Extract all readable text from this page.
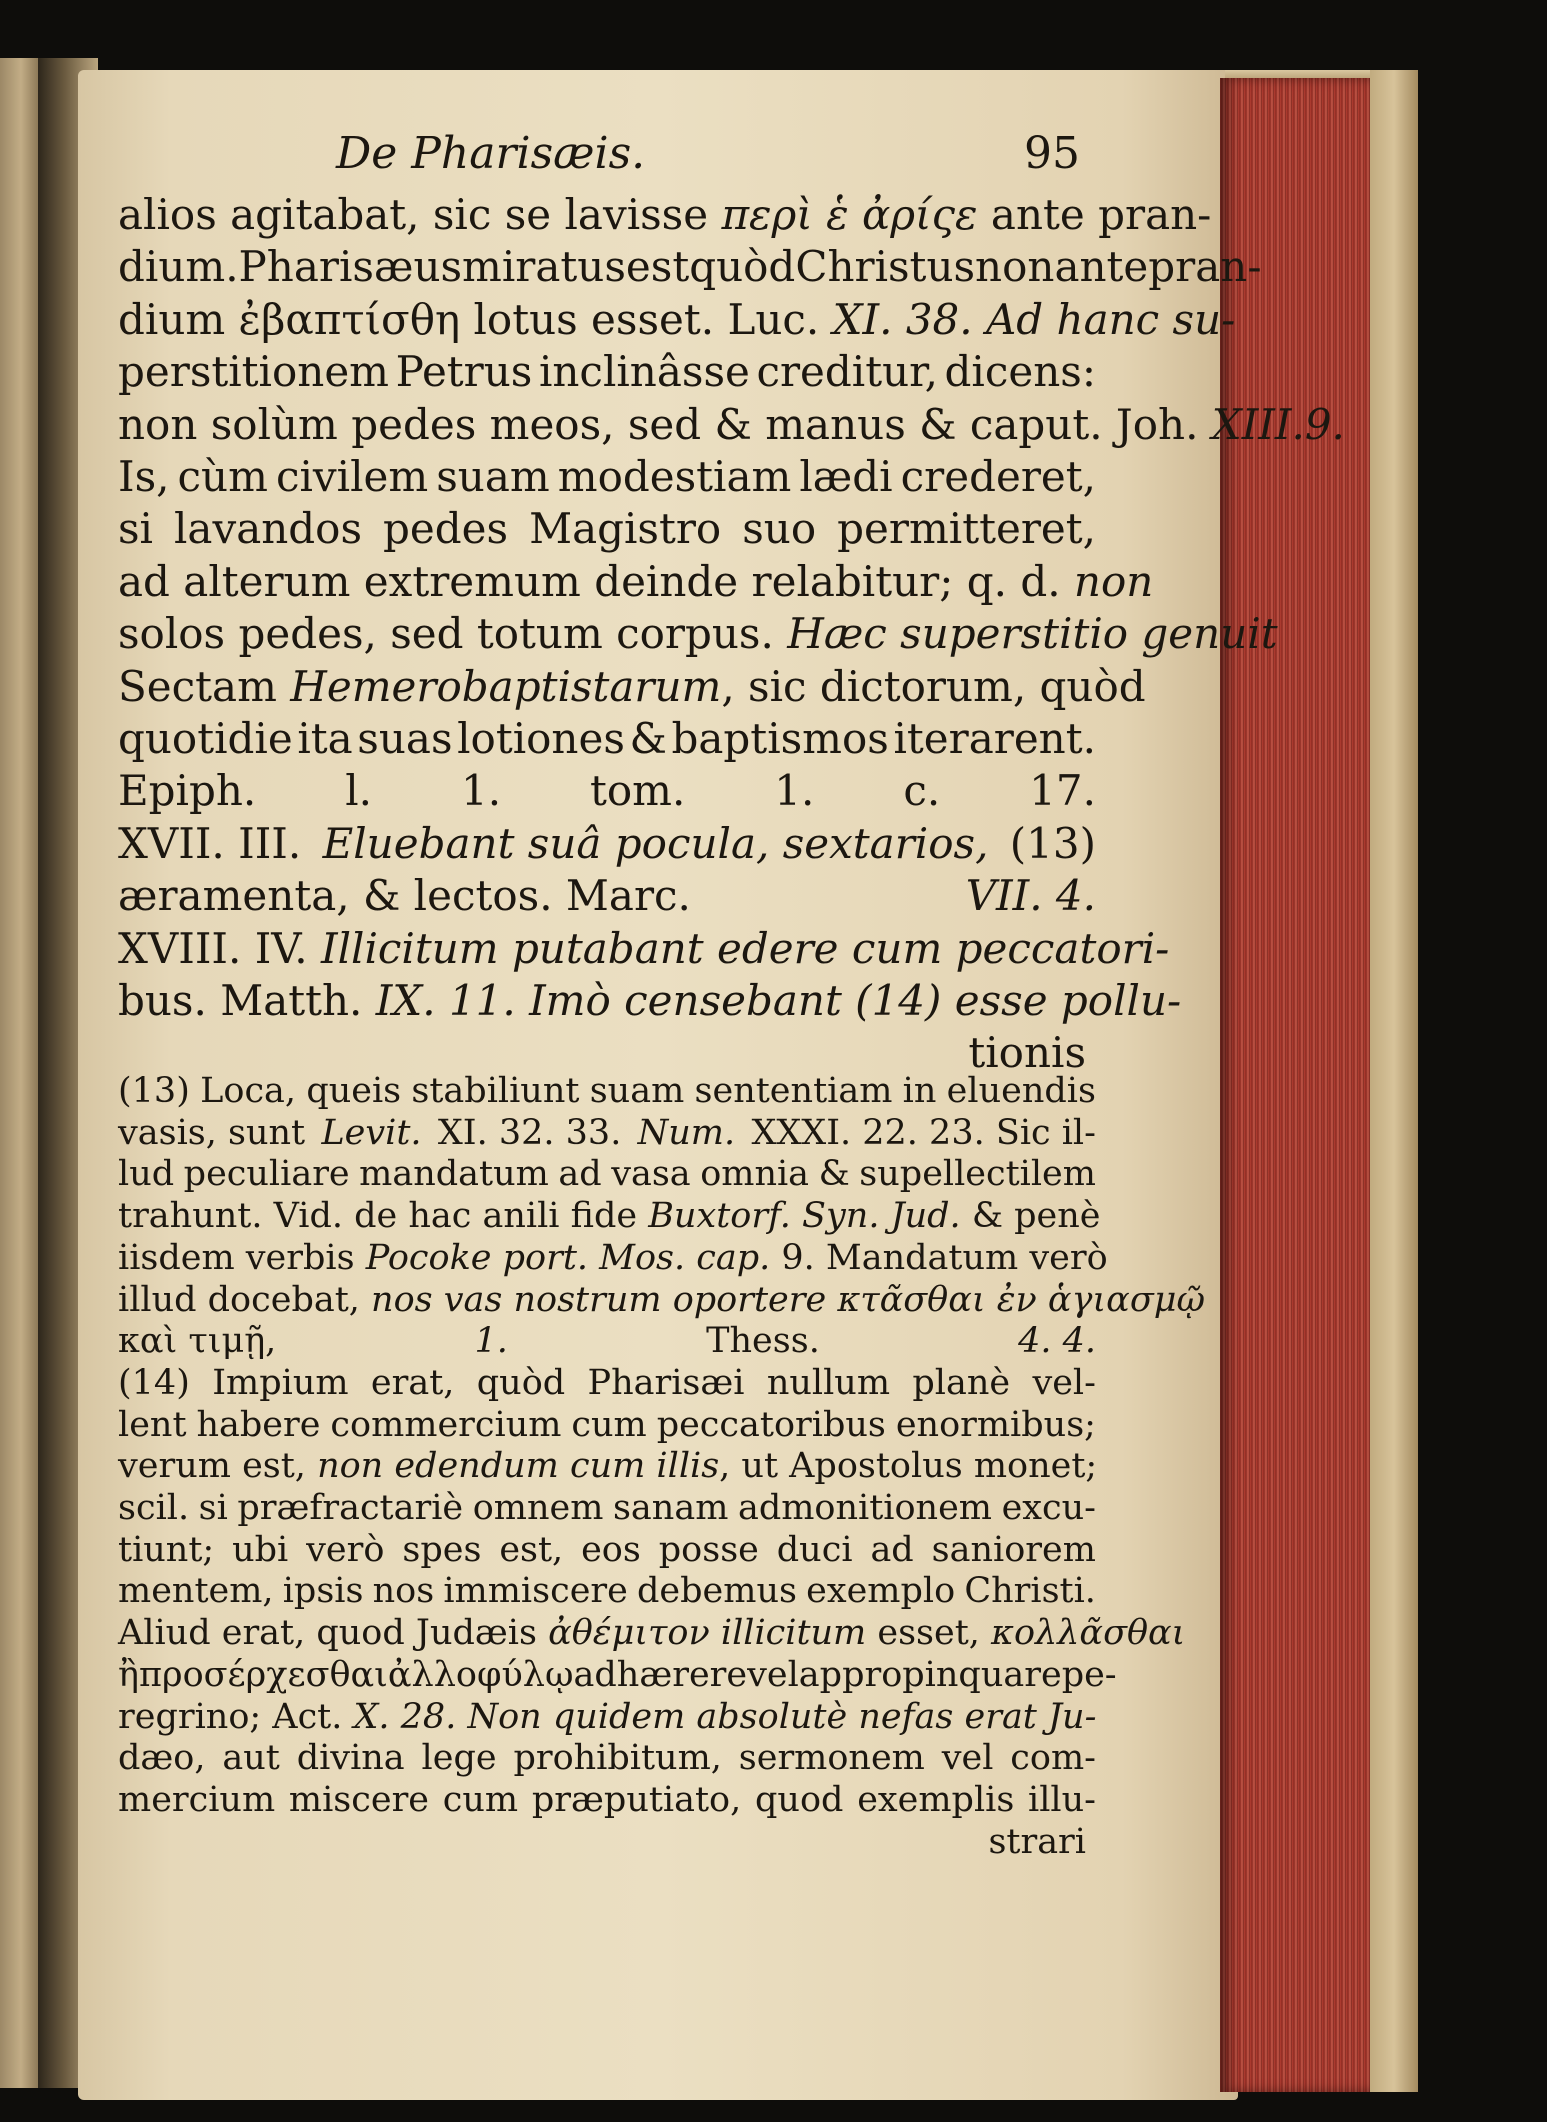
De Pharisæis.	95
alios agitabat, sic se lavisse περὶ ἑ ἀρίςε ante pran-
dium. Pharisæus miratus est quòd Christus non ante pran-
dium ἐβαπτίσθη lotus esset. Luc. XI. 38. Ad hanc su-
perstitionem Petrus inclinâsse creditur, dicens:
non solùm pedes meos, sed & manus & caput. Joh. XIII.9.
Is, cùm civilem suam modestiam lædi crederet,
si lavandos pedes Magistro suo permitteret,
ad alterum extremum deinde relabitur; q. d. non
solos pedes, sed totum corpus. Hæc superstitio genuit
Sectam Hemerobaptistarum , sic dictorum, quòd
quotidie ita suas lotiones & baptismos iterarent.
Epiph. l. 1. tom. 1. c. 17.
XVII. III. Eluebant suâ pocula, sextarios, (13)
æramenta, & lectos. Marc.	VII. 4.
XVIII. IV. Illicitum putabant edere cum peccatori-
bus. Matth. IX. 11. Imò censebant (14) esse pollu-
tionis
(13) Loca, queis stabiliunt suam sententiam in eluendis
vasis, sunt Levit. XI. 32. 33. Num. XXXI. 22. 23. Sic il-
lud peculiare mandatum ad vasa omnia & supellectilem
trahunt. Vid. de hac anili fide Buxtorf. Syn. Jud. & penè
iisdem verbis Pocoke port. Mos. cap. 9. Mandatum verò
illud docebat, nos vas nostrum oportere κτᾶσθαι ἐν ἁγιασμῷ
καὶ τιμῇ,	1.	Thess.	4. 4.
(14) Impium erat, quòd Pharisæi nullum planè vel-
lent habere commercium cum peccatoribus enormibus;
verum est, non edendum cum illis , ut Apostolus monet;
scil. si præfractariè omnem sanam admonitionem excu-
tiunt; ubi verò spes est, eos posse duci ad saniorem
mentem, ipsis nos immiscere debemus exemplo Christi.
Aliud erat, quod Judæis ἀθέμιτον illicitum esset, κολλᾶσθαι
ἢ προσέρχεσθαι ἀλλοφύλῳ adhærere vel appropinquare pe-
regrino; Act. X. 28. Non quidem absolutè nefas erat Ju-
dæo, aut divina lege prohibitum, sermonem vel com-
mercium miscere cum præputiato, quod exemplis illu-
strari
